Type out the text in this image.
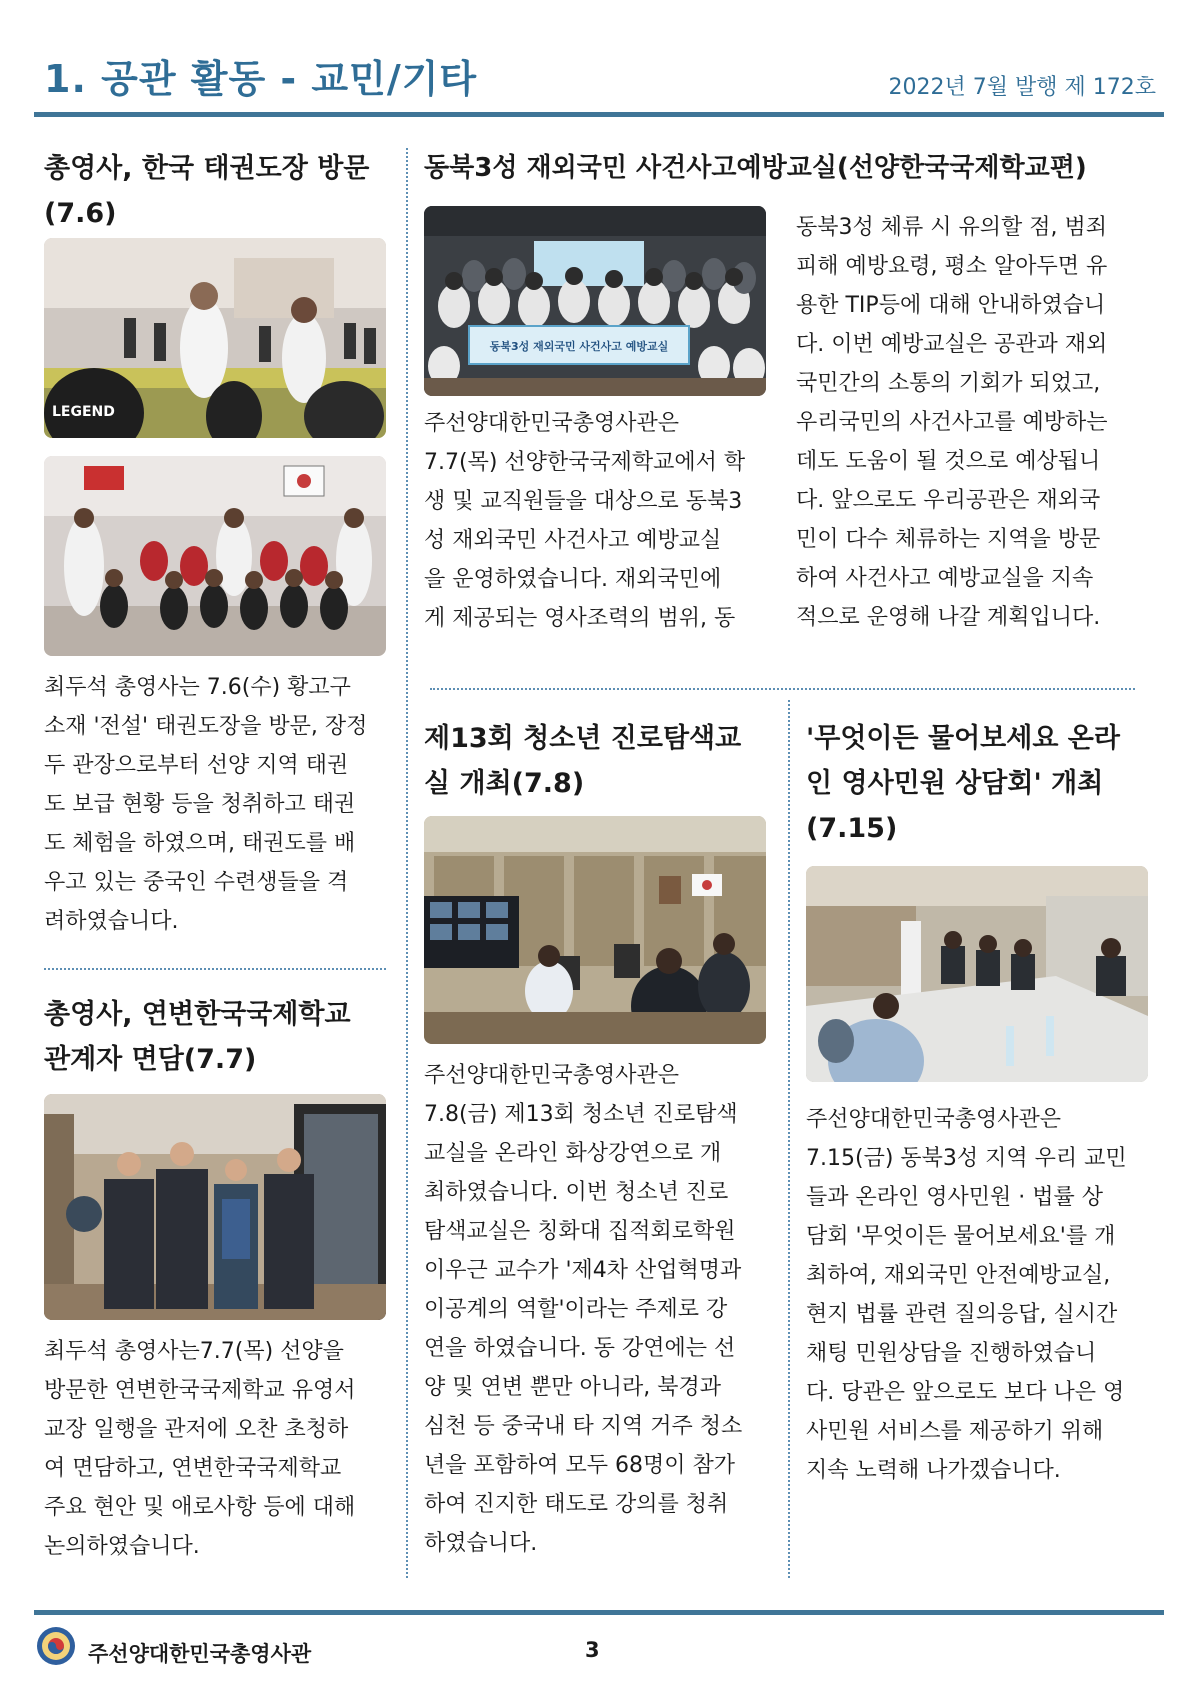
1. 공관 활동 - 교민/기타	2022년 7월 발행 제 172호
총영사, 한국 태권도장 방문
(7.6)
LEGEND

최두석 총영사는 7.6(수) 황고구
소재 '전설' 태권도장을 방문, 장정
두 관장으로부터 선양 지역 태권
도 보급 현황 등을 청취하고 태권
도 체험을 하였으며, 태권도를 배
우고 있는 중국인 수련생들을 격
려하였습니다.

총영사, 연변한국국제학교
관계자 면담(7.7)

최두석 총영사는7.7(목) 선양을
방문한 연변한국국제학교 유영서
교장 일행을 관저에 오찬 초청하
여 면담하고, 연변한국국제학교
주요 현안 및 애로사항 등에 대해
논의하였습니다.

동북3성 재외국민 사건사고예방교실(선양한국국제학교편)
동북3성 재외국민 사건사고 예방교실

주선양대한민국총영사관은
7.7(목) 선양한국국제학교에서 학
생 및 교직원들을 대상으로 동북3
성 재외국민 사건사고 예방교실
을 운영하였습니다. 재외국민에
게 제공되는 영사조력의 범위, 동

동북3성 체류 시 유의할 점, 범죄
피해 예방요령, 평소 알아두면 유
용한 TIP등에 대해 안내하였습니
다. 이번 예방교실은 공관과 재외
국민간의 소통의 기회가 되었고,
우리국민의 사건사고를 예방하는
데도 도움이 될 것으로 예상됩니
다. 앞으로도 우리공관은 재외국
민이 다수 체류하는 지역을 방문
하여 사건사고 예방교실을 지속
적으로 운영해 나갈 계획입니다.

제13회 청소년 진로탐색교
실 개최(7.8)

주선양대한민국총영사관은
7.8(금) 제13회 청소년 진로탐색
교실을 온라인 화상강연으로 개
최하였습니다. 이번 청소년 진로
탐색교실은 칭화대 집적회로학원
이우근 교수가 '제4차 산업혁명과
이공계의 역할'이라는 주제로 강
연을 하였습니다. 동 강연에는 선
양 및 연변 뿐만 아니라, 북경과
심천 등 중국내 타 지역 거주 청소
년을 포함하여 모두 68명이 참가
하여 진지한 태도로 강의를 청취
하였습니다.

'무엇이든 물어보세요 온라
인 영사민원 상담회' 개최
(7.15)

주선양대한민국총영사관은
7.15(금) 동북3성 지역 우리 교민
들과 온라인 영사민원 · 법률 상
담회 '무엇이든 물어보세요'를 개
최하여, 재외국민 안전예방교실,
현지 법률 관련 질의응답, 실시간
채팅 민원상담을 진행하였습니
다. 당관은 앞으로도 보다 나은 영
사민원 서비스를 제공하기 위해
지속 노력해 나가겠습니다.

주선양대한민국총영사관	3
